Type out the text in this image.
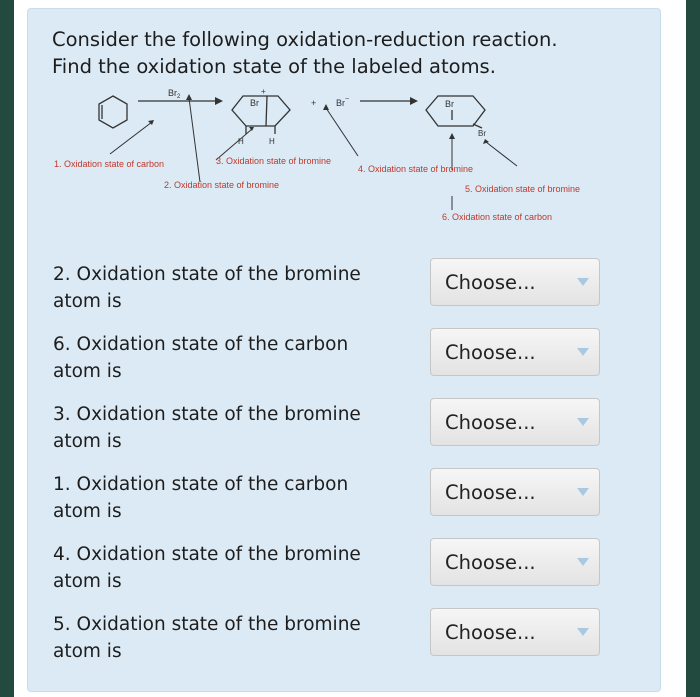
Consider the following oxidation-reduction reaction.
Find the oxidation state of the labeled atoms.

$Br_2$
Br
+
H	H
+ Br−	Br
Br
1. Oxidation state of carbon
2. Oxidation state of bromine
3. Oxidation state of bromine
4. Oxidation state of bromine
5. Oxidation state of bromine
6. Oxidation state of carbon
2. Oxidation state of the bromine
atom is
Choose...
6. Oxidation state of the carbon
atom is
Choose...
3. Oxidation state of the bromine
atom is
Choose...
1. Oxidation state of the carbon
atom is
Choose...
4. Oxidation state of the bromine
atom is
Choose...
5. Oxidation state of the bromine
atom is
Choose...
